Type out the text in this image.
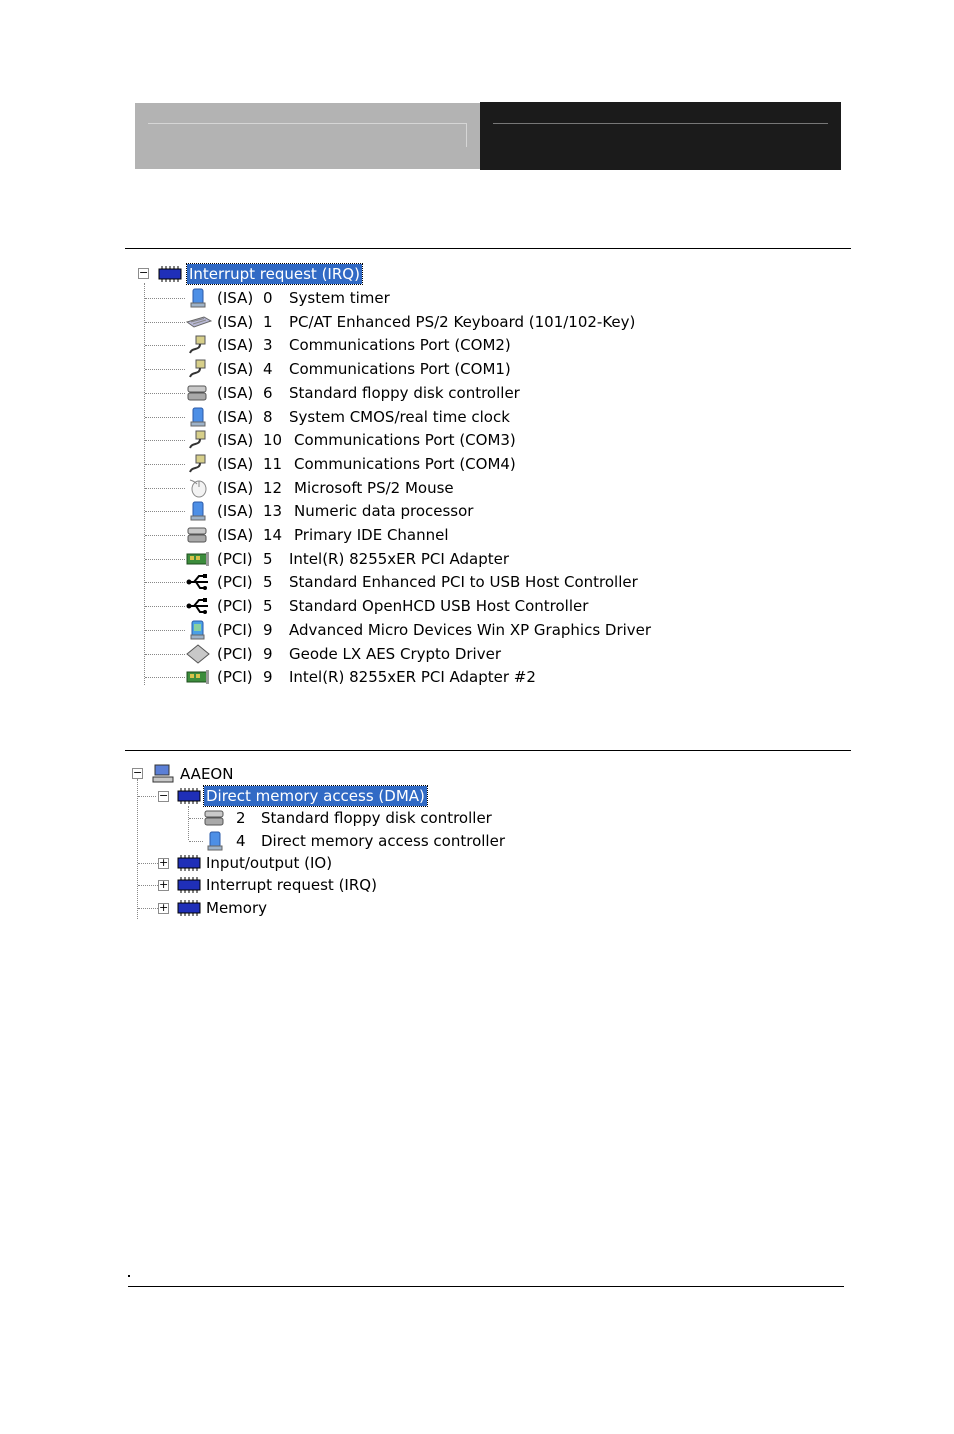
−	Interrupt request (IRQ)
(ISA) 0 System timer
(ISA) 1 PC/AT Enhanced PS/2 Keyboard (101/102-Key)
(ISA) 3 Communications Port (COM2)
(ISA) 4 Communications Port (COM1)
(ISA) 6 Standard floppy disk controller
(ISA) 8 System CMOS/real time clock
(ISA) 10 Communications Port (COM3)
(ISA) 11 Communications Port (COM4)
(ISA) 12 Microsoft PS/2 Mouse
(ISA) 13 Numeric data processor
(ISA) 14 Primary IDE Channel
(PCI) 5 Intel(R) 8255xER PCI Adapter
(PCI) 5 Standard Enhanced PCI to USB Host Controller
(PCI) 5 Standard OpenHCD USB Host Controller
(PCI) 9 Advanced Micro Devices Win XP Graphics Driver
(PCI) 9 Geode LX AES Crypto Driver
(PCI) 9 Intel(R) 8255xER PCI Adapter #2
−	AAEON
−	Direct memory access (DMA)
2 Standard floppy disk controller
4 Direct memory access controller
+	Input/output (IO)
+	Interrupt request (IRQ)
+	Memory
